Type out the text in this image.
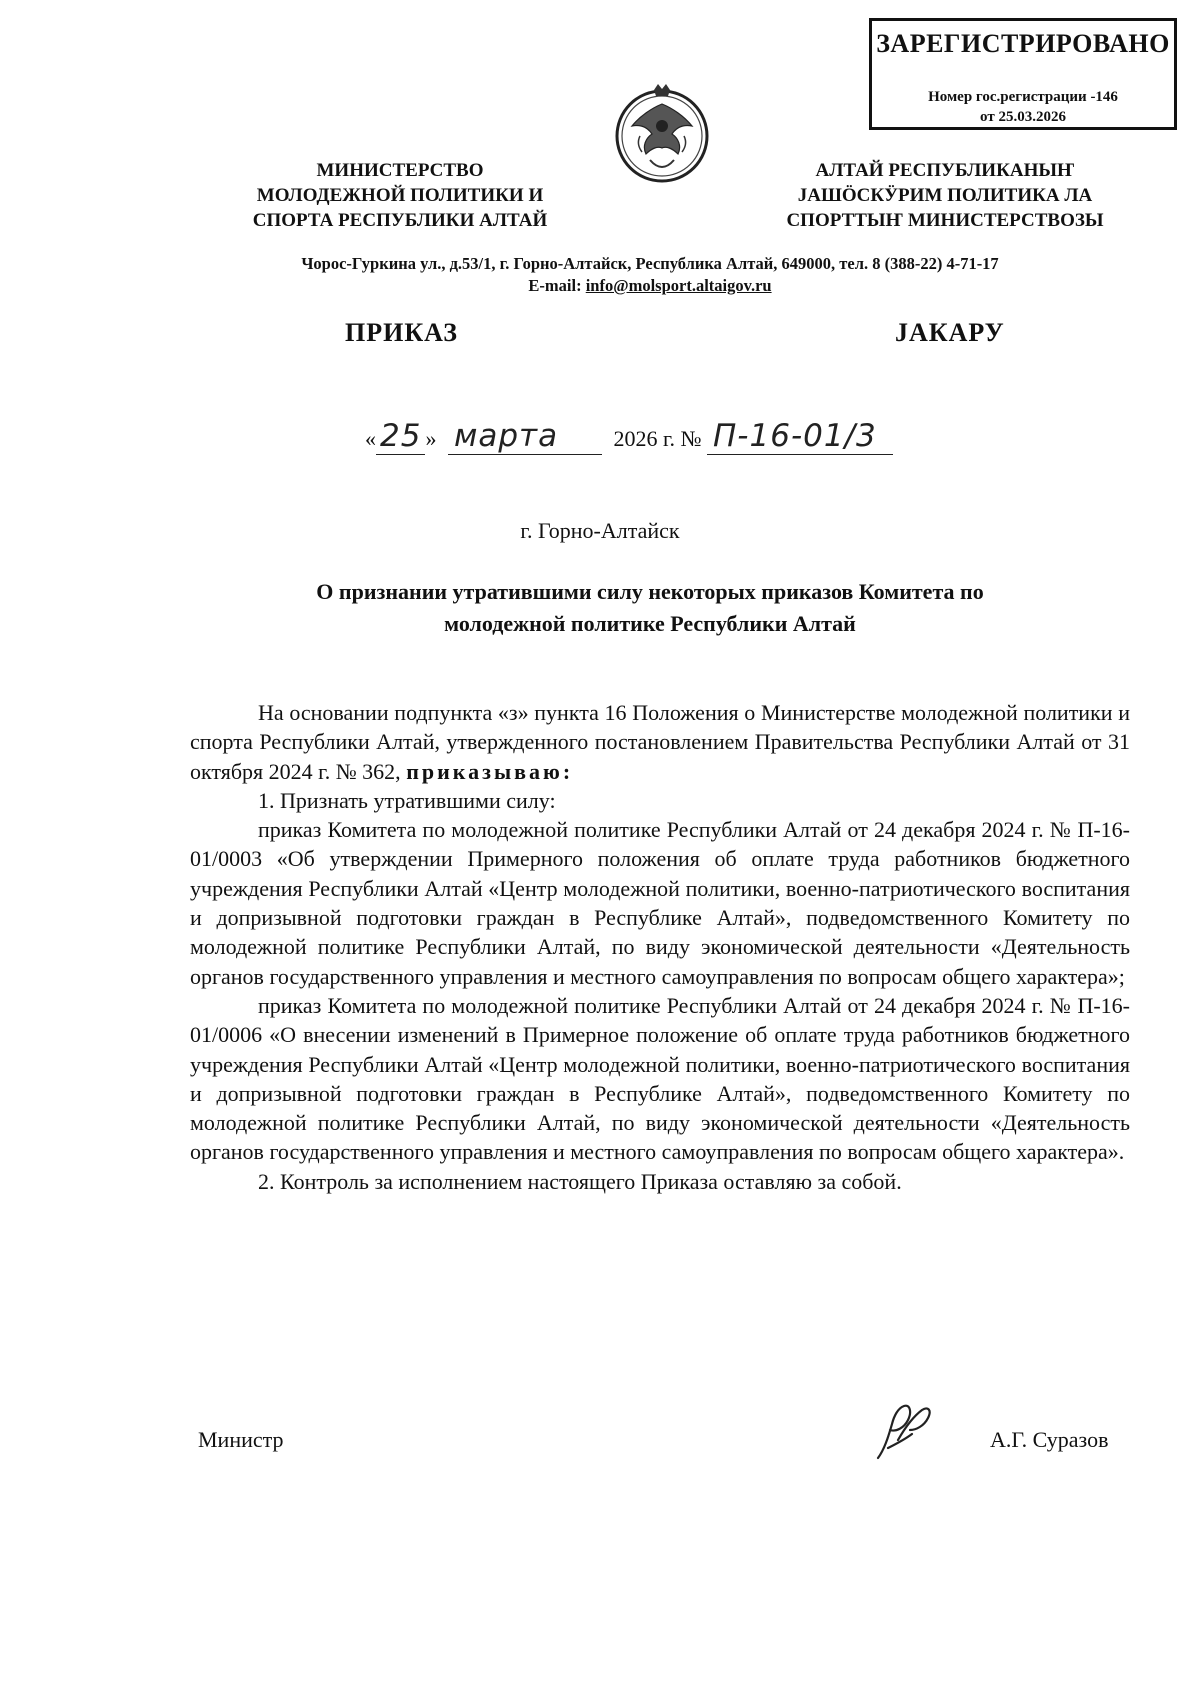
ЗАРЕГИСТРИРОВАНО
Номер гос.регистрации -146
от 25.03.2026
МИНИСТЕРСТВО
МОЛОДЕЖНОЙ ПОЛИТИКИ И
СПОРТА РЕСПУБЛИКИ АЛТАЙ
АЛТАЙ РЕСПУБЛИКАНЫҤ
ЈАШӦСКӰРИМ ПОЛИТИКА ЛА
СПОРТТЫҤ МИНИСТЕРСТВОЗЫ
Чорос-Гуркина ул., д.53/1, г. Горно-Алтайск, Республика Алтай, 649000, тел. 8 (388-22) 4-71-17
E-mail: info@molsport.altaigov.ru
ПРИКАЗ	ЈАКАРУ
« 25 » марта	2026 г. № П-16-01/3
г. Горно-Алтайск
О признании утратившими силу некоторых приказов Комитета по
молодежной политике Республики Алтай

На основании подпункта «з» пункта 16 Положения о Министерстве молодежной политики и спорта Республики Алтай, утвержденного постановлением Правительства Республики Алтай от 31 октября 2024 г. № 362, приказываю:

1. Признать утратившими силу:

приказ Комитета по молодежной политике Республики Алтай от 24 декабря 2024 г. № П-16-01/0003 «Об утверждении Примерного положения об оплате труда работников бюджетного учреждения Республики Алтай «Центр молодежной политики, военно-патриотического воспитания и допризывной подготовки граждан в Республике Алтай», подведомственного Комитету по молодежной политике Республики Алтай, по виду экономической деятельности «Деятельность органов государственного управления и местного самоуправления по вопросам общего характера»;

приказ Комитета по молодежной политике Республики Алтай от 24 декабря 2024 г. № П-16-01/0006 «О внесении изменений в Примерное положение об оплате труда работников бюджетного учреждения Республики Алтай «Центр молодежной политики, военно-патриотического воспитания и допризывной подготовки граждан в Республике Алтай», подведомственного Комитету по молодежной политике Республики Алтай, по виду экономической деятельности «Деятельность органов государственного управления и местного самоуправления по вопросам общего характера».

2. Контроль за исполнением настоящего Приказа оставляю за собой.

Министр	А.Г. Суразов
